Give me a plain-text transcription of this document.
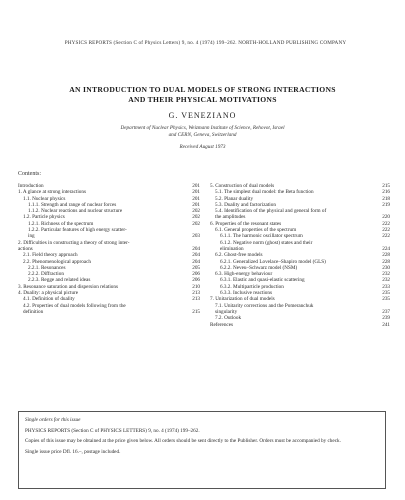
PHYSICS REPORTS (Section C of Physics Letters) 9, no. 4 (1974) 199–262. NORTH-HOLLAND PUBLISHING COMPANY
AN INTRODUCTION TO DUAL MODELS OF STRONG INTERACTIONS
AND THEIR PHYSICAL MOTIVATIONS
G. VENEZIANO
Department of Nuclear Physics, Weizmann Institute of Science, Rehovot, Israel
and CERN, Geneva, Switzerland
Received August 1973
Contents:
Introduction	201
1. A glance at strong interactions	201
1.1. Nuclear physics	201
1.1.1. Strength and range of nuclear forces	201
1.1.2. Nuclear reactions and nuclear structure	202
1.2. Particle physics	202
1.2.1. Richness of the spectrum	202
1.2.2. Particular features of high energy scatter-
ing	203
2. Difficulties in constructing a theory of strong inter-
actions	204
2.1. Field theory approach	204
2.2. Phenomenological approach	204
2.2.1. Resonances	205
2.2.2. Diffraction	206
2.2.3. Regge and related ideas	206
3. Resonance saturation and dispersion relations	210
4. Duality: a physical picture	213
4.1. Definition of duality	213
4.2. Properties of dual models following from the
definition	215
5. Construction of dual models	215
5.1. The simplest dual model: the Beta function	216
5.2. Planar duality	218
5.3. Duality and factorization	219
5.4. Identification of the physical and general form of
the amplitudes	220
6. Properties of the resonant states	222
6.1. General properties of the spectrum	222
6.1.1. The harmonic oscillator spectrum	222
6.1.2. Negative norm (ghost) states and their
elimination	224
6.2. Ghost-free models	228
6.2.1. Generalized Lovelace–Shapiro model (GLS)	228
6.2.2. Neveu–Schwarz model (NSM)	230
6.3. High-energy behaviour	232
6.3.1. Elastic and quasi-elastic scattering	232
6.3.2. Multiparticle production	233
6.3.3. Inclusive reactions	235
7. Unitarization of dual models	235
7.1. Unitarity corrections and the Pomeranchuk
singularity	237
7.2. Outlook	239
References	241
Single orders for this issue
PHYSICS REPORTS (Section C of PHYSICS LETTERS) 9, no. 4 (1974) 199–262.
Copies of this issue may be obtained at the price given below. All orders should be sent directly to the Publisher. Orders must be accompanied by check.
Single issue price Dfl. 16.–, postage included.
